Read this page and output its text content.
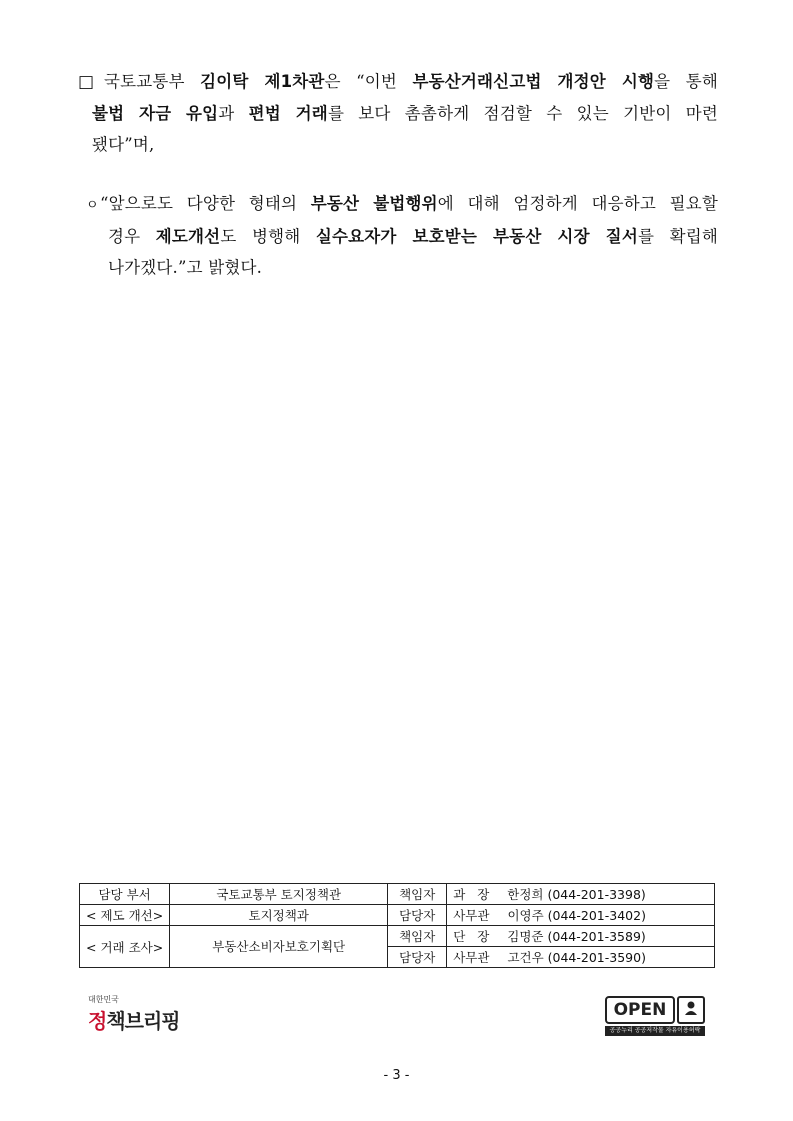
□ 국토교통부 김이탁 제1차관은 “이번 부동산거래신고법 개정안 시행을 통해
불법 자금 유입과 편법 거래를 보다 촘촘하게 점검할 수 있는 기반이 마련
됐다”며,
ㅇ“앞으로도 다양한 형태의 부동산 불법행위에 대해 엄정하게 대응하고 필요할
경우 제도개선도 병행해 실수요자가 보호받는 부동산 시장 질서를 확립해
나가겠다.”고 밝혔다.
담당 부서	국토교통부 토지정책관	책임자	과   장 한정희 (044-201-3398)
< 제도 개선>	토지정책과	담당자	사무관 이영주 (044-201-3402)
< 거래 조사>	부동산소비자보호기획단	책임자	단   장 김명준 (044-201-3589)
		담당자	사무관 고건우 (044-201-3590)
대한민국
정책브리핑	OPEN
공공누리 공공저작물 자유이용허락
- 3 -
